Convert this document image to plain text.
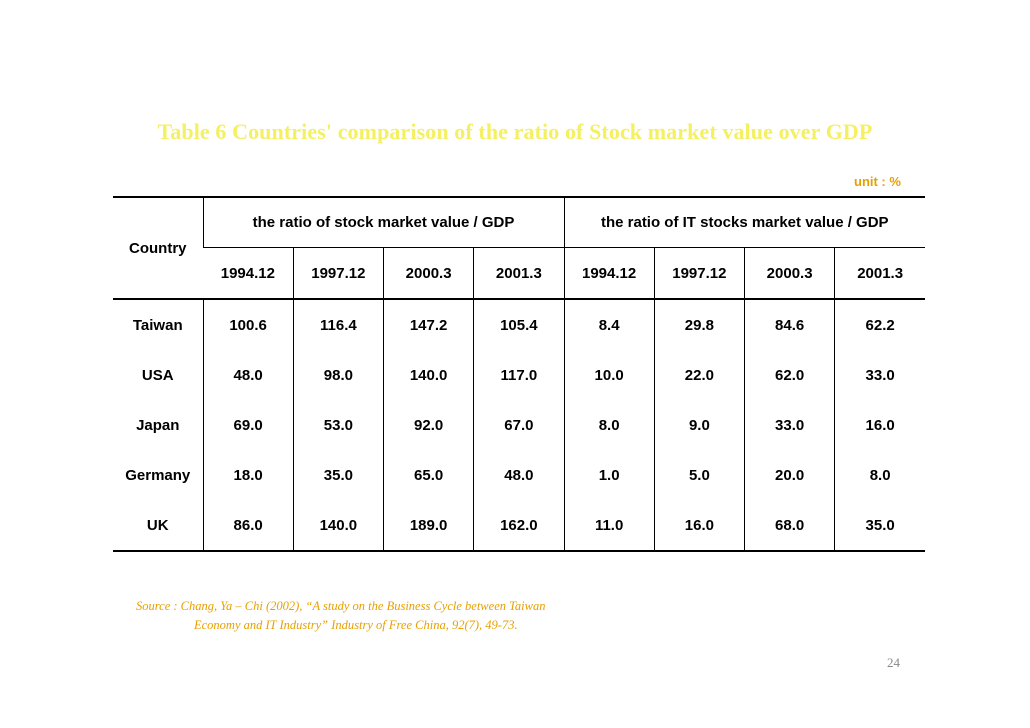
Table 6 Countries' comparison of the ratio of Stock market value over GDP
unit : %
Country	the ratio of stock market value / GDP				the ratio of IT stocks market value / GDP			
	1994.12	1997.12	2000.3	2001.3	1994.12	1997.12	2000.3	2001.3
Taiwan	100.6	116.4	147.2	105.4	8.4	29.8	84.6	62.2
USA	48.0	98.0	140.0	117.0	10.0	22.0	62.0	33.0
Japan	69.0	53.0	92.0	67.0	8.0	9.0	33.0	16.0
Germany	18.0	35.0	65.0	48.0	1.0	5.0	20.0	8.0
UK	86.0	140.0	189.0	162.0	11.0	16.0	68.0	35.0
Source : Chang, Ya – Chi (2002), “A study on the Business Cycle between Taiwan
Economy and IT Industry” Industry of Free China, 92(7), 49-73.
24
